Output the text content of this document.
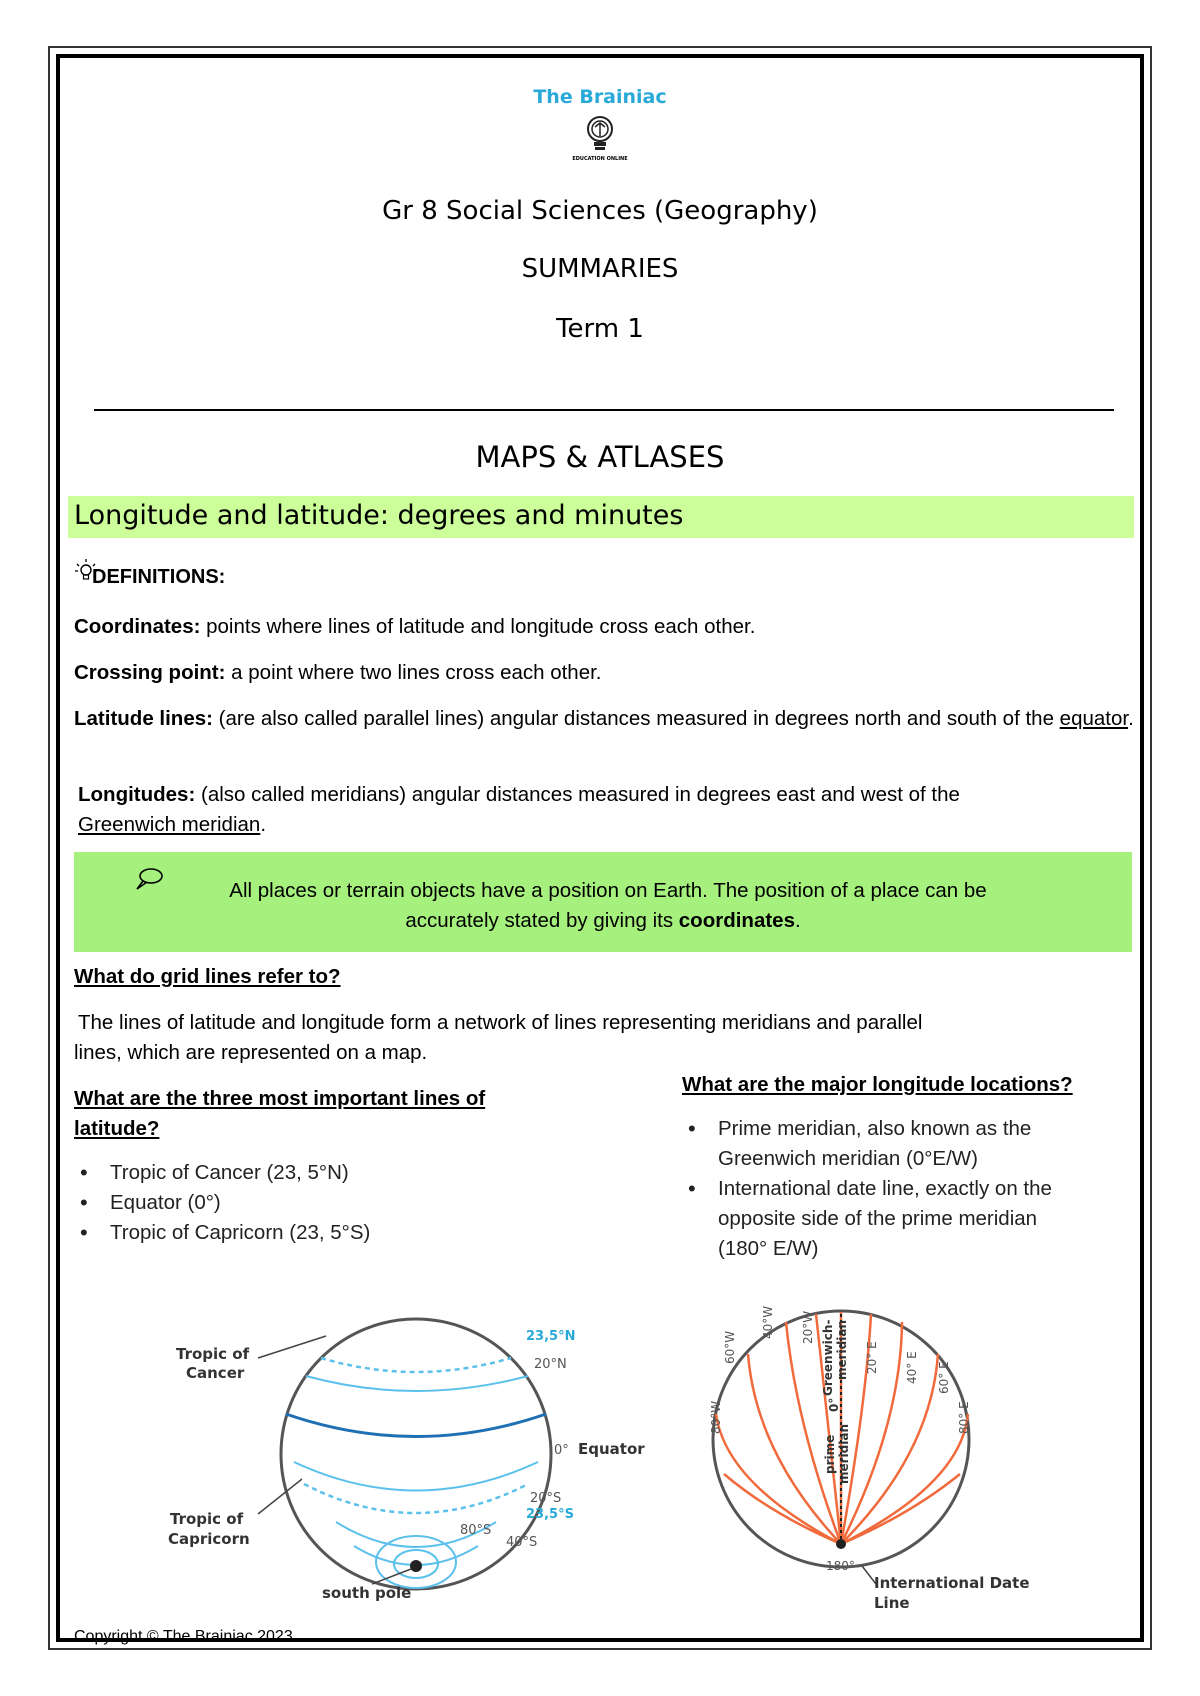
The Brainiac
EDUCATION ONLINE
Gr 8 Social Sciences (Geography)
SUMMARIES
Term 1
MAPS & ATLASES
Longitude and latitude: degrees and minutes
DEFINITIONS:
Coordinates: points where lines of latitude and longitude cross each other.
Crossing point: a point where two lines cross each other.
Latitude lines: (are also called parallel lines) angular distances measured in degrees north and south of the equator.
Longitudes: (also called meridians) angular distances measured in degrees east and west of the
Greenwich meridian.
All places or terrain objects have a position on Earth. The position of a place can be
accurately stated by giving its coordinates.
What do grid lines refer to?
The lines of latitude and longitude form a network of lines representing meridians and parallel
lines, which are represented on a map.
What are the three most important lines of
latitude?
• Tropic of Cancer (23, 5°N)
• Equator (0°)
• Tropic of Capricorn (23, 5°S)
What are the major longitude locations?
• Prime meridian, also known as the
Greenwich meridian (0°E/W)
• International date line, exactly on the
opposite side of the prime meridian
(180° E/W)
Tropic of
Cancer
Tropic of
Capricorn
south pole
23,5°N
20°N
0° Equator
20°S
23,5°S
40°S
80°S
80°W
60°W
40°W 20°W Greenwich- meridian
0°
prime meridian
20° E 40° E 60° E
80° E
180°
International Date
Line
Copyright © The Brainiac 2023
